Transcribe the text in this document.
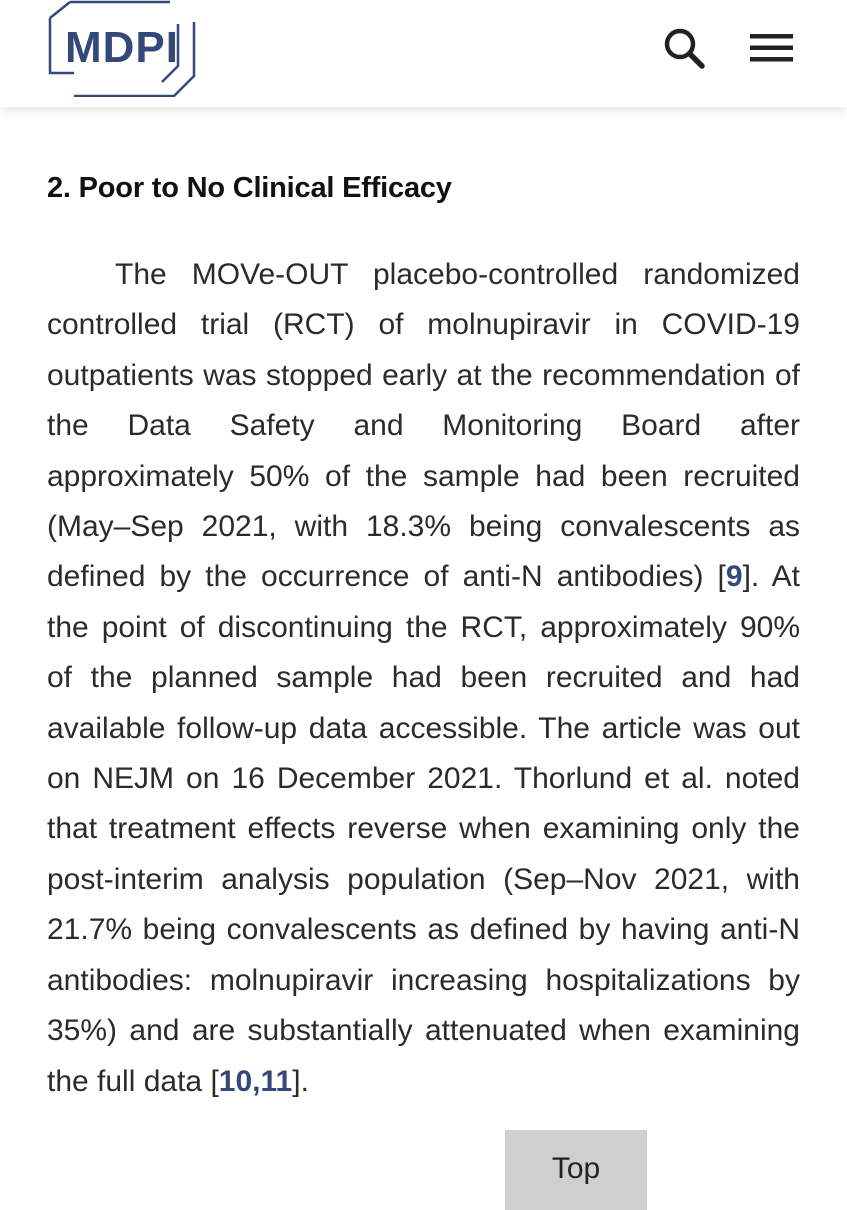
MDPI
2. Poor to No Clinical Efficacy

The MOVe-OUT placebo-controlled randomized controlled trial (RCT) of molnupiravir in COVID-19 outpatients was stopped early at the recommendation of the Data Safety and Monitoring Board after approximately 50% of the sample had been recruited (May–Sep 2021, with 18.3% being convalescents as defined by the occurrence of anti-N antibodies) [9]. At the point of discontinuing the RCT, approximately 90% of the planned sample had been recruited and had available follow-up data accessible. The article was out on NEJM on 16 December 2021. Thorlund et al. noted that treatment effects reverse when examining only the post-interim analysis population (Sep–Nov 2021, with 21.7% being convalescents as defined by having anti-N antibodies: molnupiravir increasing hospitalizations by 35%) and are substantially attenuated when examining the full data [10,11].

Top
